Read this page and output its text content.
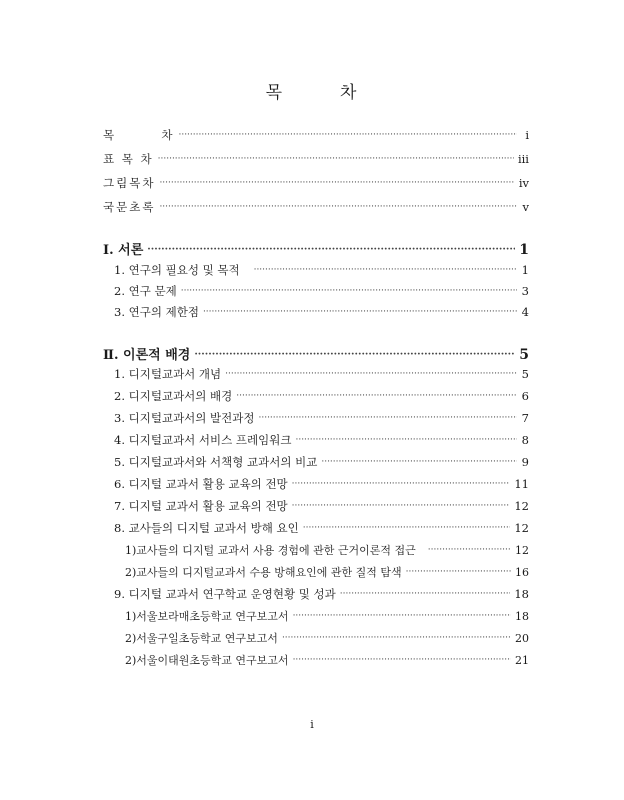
목	차
목        차 ·····	i
표 목 차 ·····	iii
그림목차 ·····	iv
국문초록 ·····	v
Ⅰ. 서론 ·····	1
1. 연구의 필요성 및 목적 ·····	1
2. 연구 문제 ·····	3
3. 연구의 제한점 ·····	4
Ⅱ. 이론적 배경 ·····	5
1. 디지털교과서 개념 ·····	5
2. 디지털교과서의 배경 ·····	6
3. 디지털교과서의 발전과정 ·····	7
4. 디지털교과서 서비스 프레임워크 ·····	8
5. 디지털교과서와 서책형 교과서의 비교 ·····	9
6. 디지털 교과서 활용 교육의 전망 ·····	11
7. 디지털 교과서 활용 교육의 전망 ·····	12
8. 교사들의 디지털 교과서 방해 요인 ·····	12
1)교사들의 디지털 교과서 사용 경험에 관한 근거이론적 접근 ·····	12
2)교사들의 디지털교과서 수용 방해요인에 관한 질적 탐색 ·····	16
9. 디지털 교과서 연구학교 운영현황 및 성과 ·····	18
1)서울보라매초등학교 연구보고서 ·····	18
2)서울구일초등학교 연구보고서 ·····	20
2)서울이태원초등학교 연구보고서 ·····	21
i
